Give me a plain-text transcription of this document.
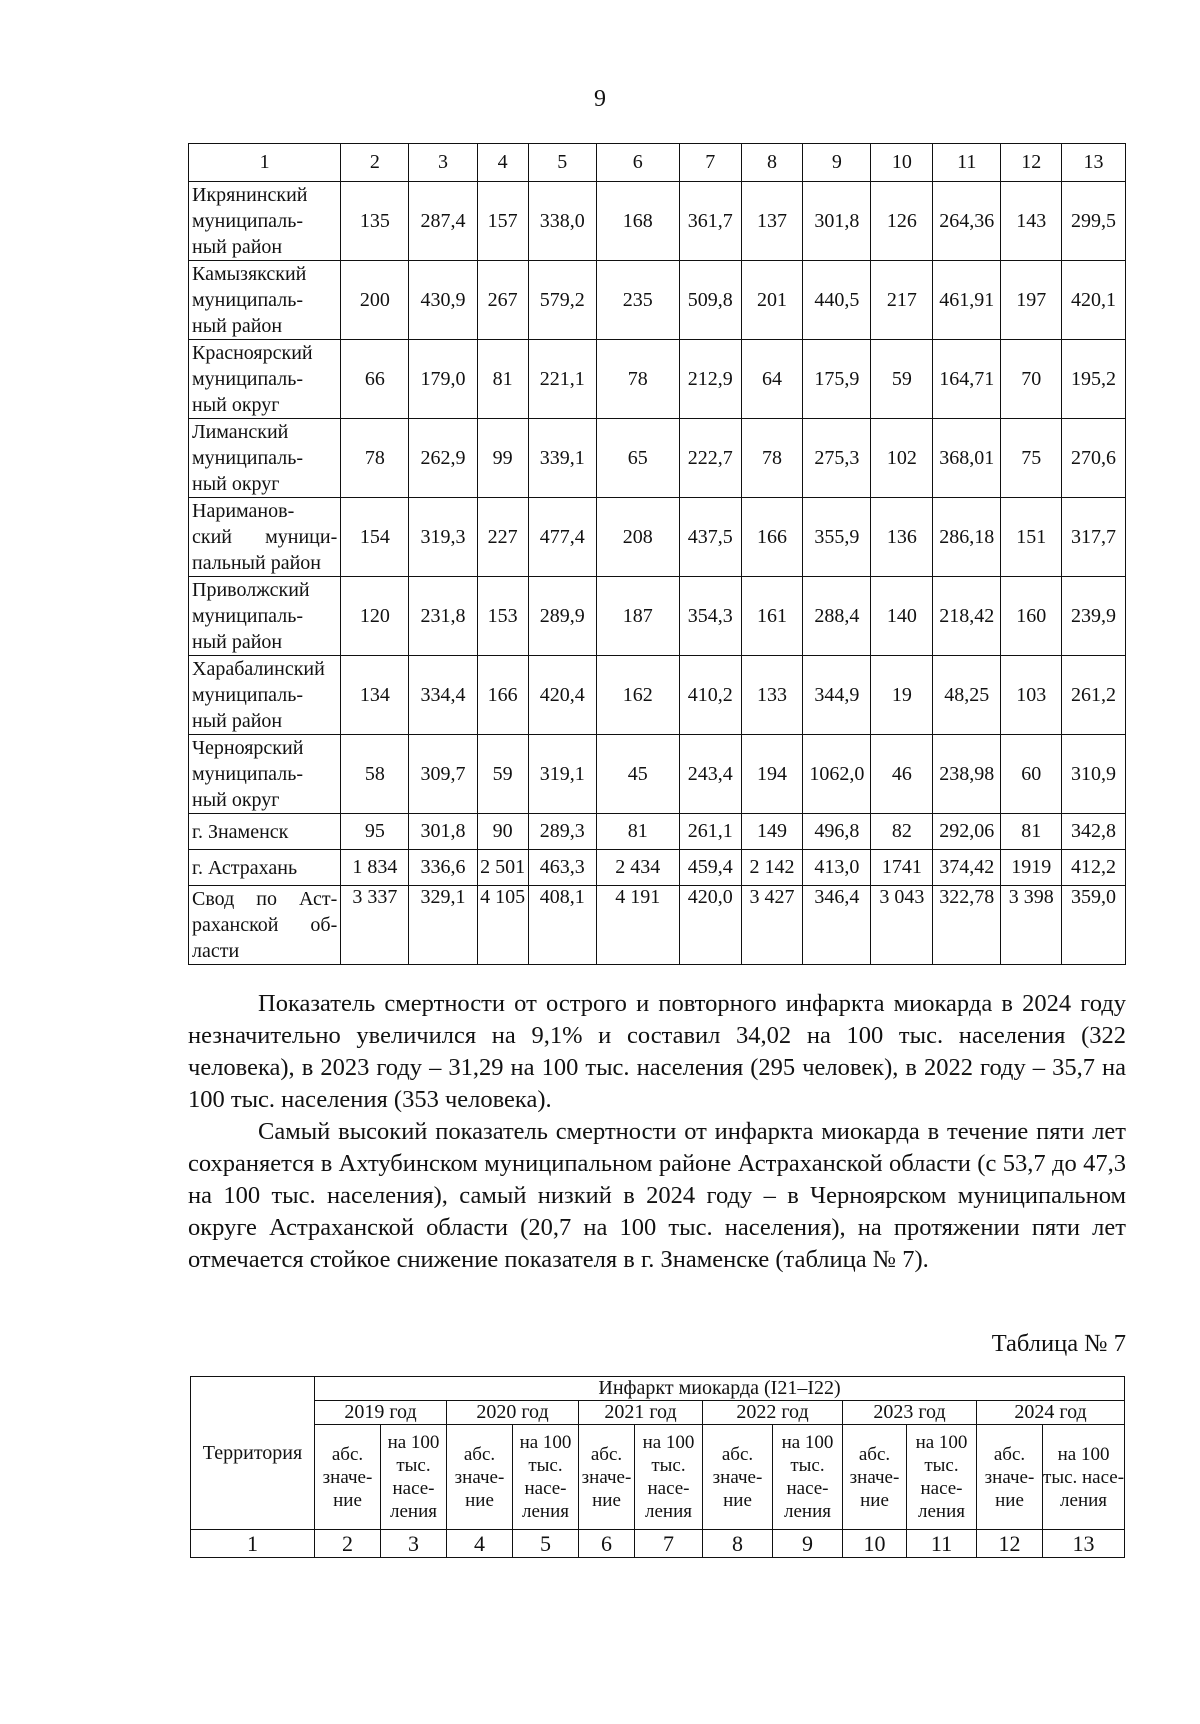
9
1	2	3	4	5	6	7	8	9	10	11	12	13

Икрянинский
муниципаль-
ный район	135	287,4	157	338,0	168	361,7	137	301,8	126	264,36	143	299,5

Камызякский
муниципаль-
ный район	200	430,9	267	579,2	235	509,8	201	440,5	217	461,91	197	420,1

Красноярский
муниципаль-
ный округ	66	179,0	81	221,1	78	212,9	64	175,9	59	164,71	70	195,2

Лиманский
муниципаль-
ный округ	78	262,9	99	339,1	65	222,7	78	275,3	102	368,01	75	270,6

Нариманов-
ский муници-
пальный район	154	319,3	227	477,4	208	437,5	166	355,9	136	286,18	151	317,7

Приволжский
муниципаль-
ный район	120	231,8	153	289,9	187	354,3	161	288,4	140	218,42	160	239,9

Харабалинский
муниципаль-
ный район	134	334,4	166	420,4	162	410,2	133	344,9	19	48,25	103	261,2

Черноярский
муниципаль-
ный округ	58	309,7	59	319,1	45	243,4	194	1062,0	46	238,98	60	310,9

г. Знаменск	95	301,8	90	289,3	81	261,1	149	496,8	82	292,06	81	342,8

г. Астрахань	1 834	336,6	2 501	463,3	2 434	459,4	2 142	413,0	1741	374,42	1919	412,2

Свод по Аст-
раханской об-
ласти	3 337	329,1	4 105	408,1	4 191	420,0	3 427	346,4	3 043	322,78	3 398	359,0

Показатель смертности от острого и повторного инфаркта миокарда в 2024 году незначительно увеличился на 9,1% и составил 34,02 на 100 тыс. населения (322 человека), в 2023 году – 31,29 на 100 тыс. населения (295 человек), в 2022 году – 35,7 на 100 тыс. населения (353 человека).

Самый высокий показатель смертности от инфаркта миокарда в течение пяти лет сохраняется в Ахтубинском муниципальном районе Астраханской области (с 53,7 до 47,3 на 100 тыс. населения), самый низкий в 2024 году – в Черноярском муниципальном округе Астраханской области (20,7 на 100 тыс. населения), на протяжении пяти лет отмечается стойкое снижение показателя в г. Знаменске (таблица № 7).

Таблица № 7
Территория	Инфаркт миокарда (I21–I22)											
	2019 год		2020 год		2021 год		2022 год		2023 год		2024 год	
	абс. значе- ние	на 100 тыс. насе- ления	абс. значе- ние	на 100 тыс. насе- ления	абс. значе- ние	на 100 тыс. насе- ления	абс. значе- ние	на 100 тыс. насе- ления	абс. значе- ние	на 100 тыс. насе- ления	абс. значе- ние	на 100 тыс. насе- ления
1	2	3	4	5	6	7	8	9	10	11	12	13
